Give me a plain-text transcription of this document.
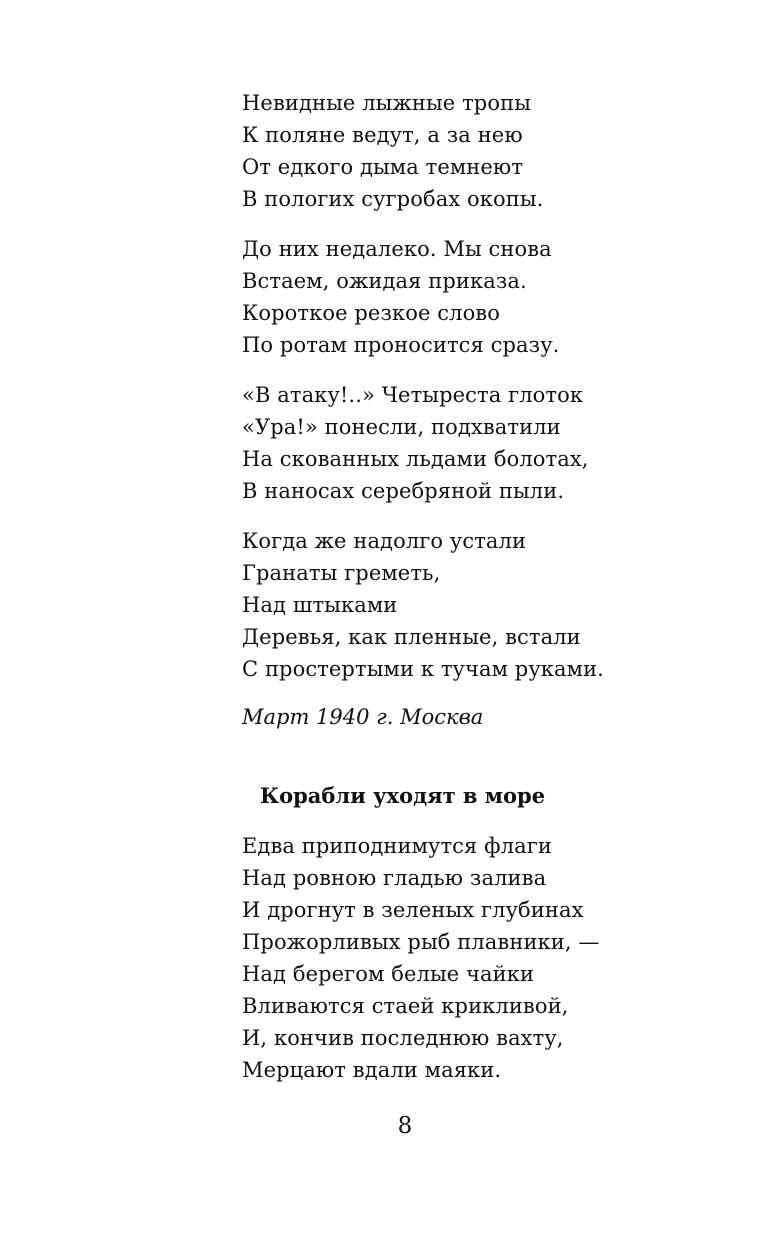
Невидные лыжные тропы
К поляне ведут, а за нею
От едкого дыма темнеют
В пологих сугробах окопы.
До них недалеко. Мы снова
Встаем, ожидая приказа.
Короткое резкое слово
По ротам проносится сразу.
«В атаку!..» Четыреста глоток
«Ура!» понесли, подхватили
На скованных льдами болотах,
В наносах серебряной пыли.
Когда же надолго устали
Гранаты греметь,
Над штыками
Деревья, как пленные, встали
С простертыми к тучам руками.
Март 1940 г. Москва
Корабли уходят в море
Едва приподнимутся флаги
Над ровною гладью залива
И дрогнут в зеленых глубинах
Прожорливых рыб плавники, —
Над берегом белые чайки
Вливаются стаей крикливой,
И, кончив последнюю вахту,
Мерцают вдали маяки.
8
